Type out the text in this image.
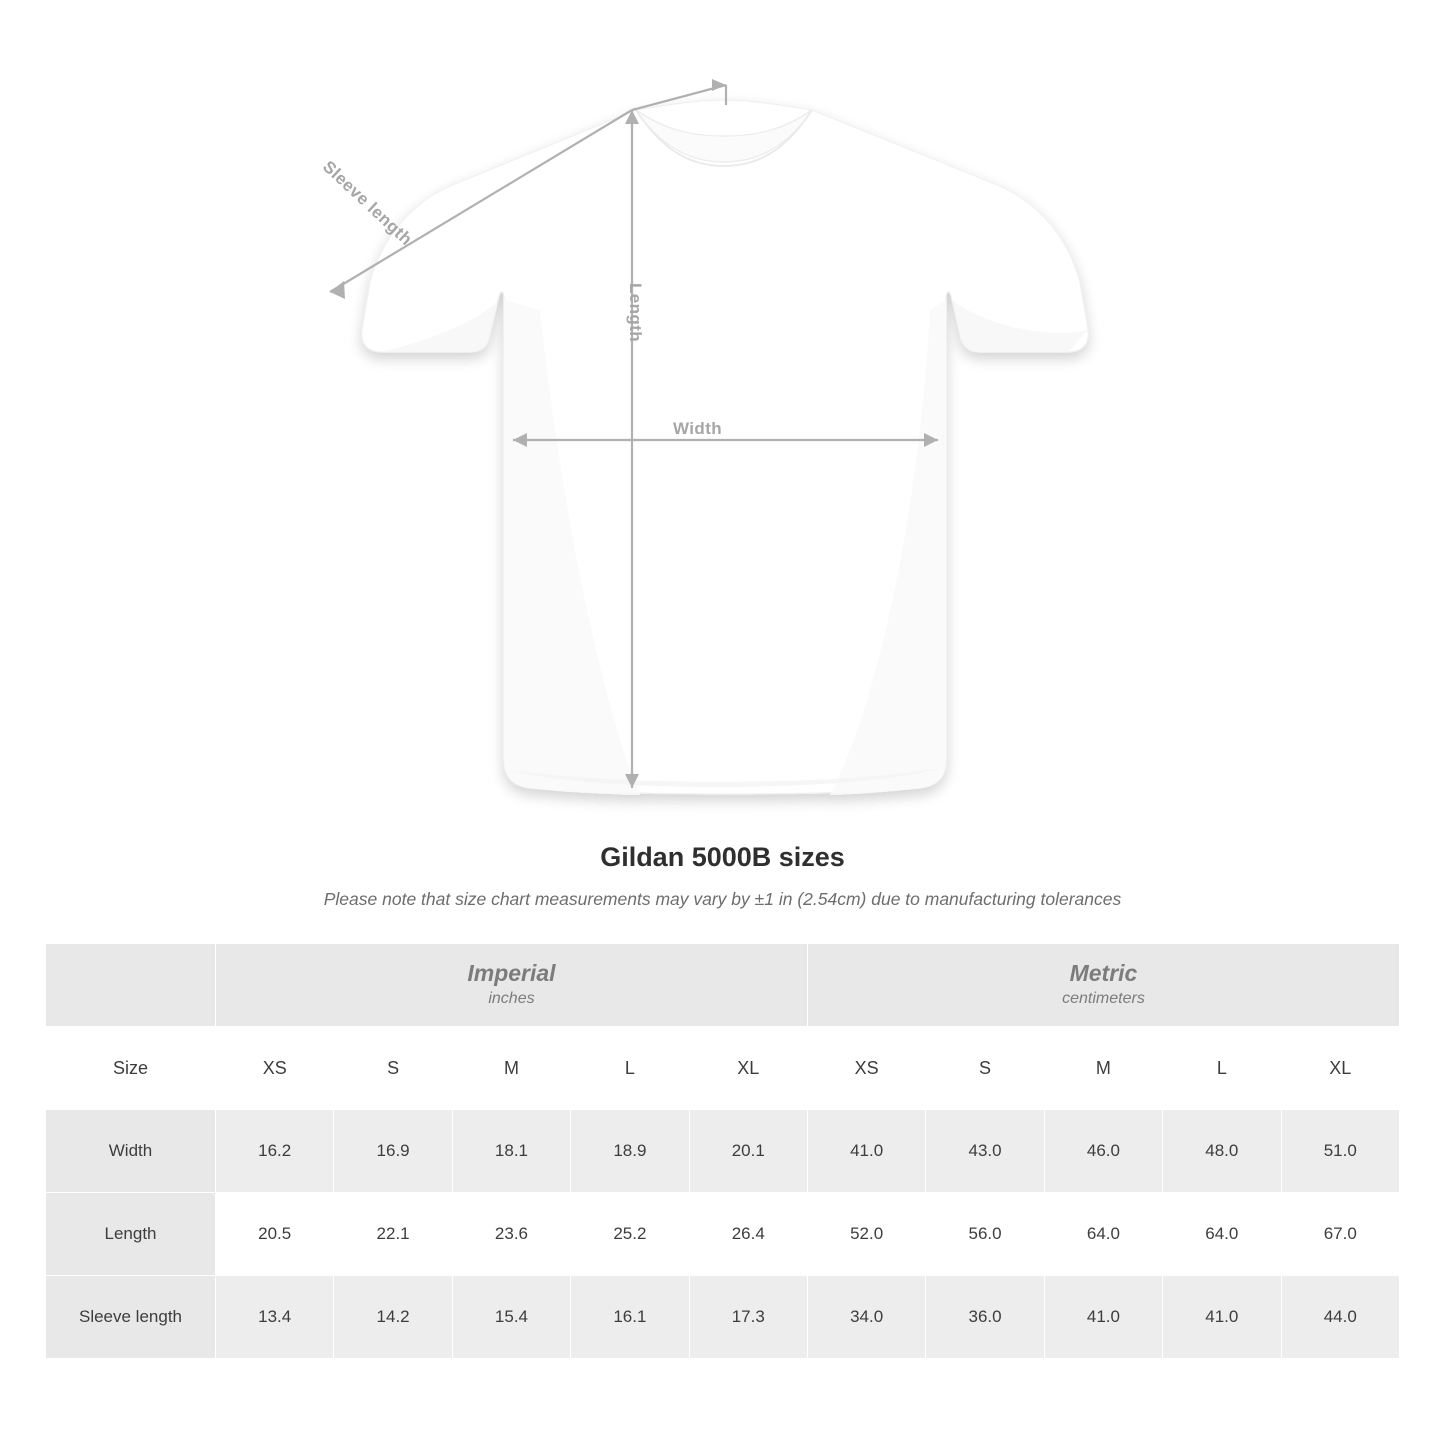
Sleeve length
Length
Width
Gildan 5000B sizes

Please note that size chart measurements may vary by ±1 in (2.54cm) due to manufacturing tolerances

Imperial
inches

Metric
centimeters

Size	XS	S	M	L	XL	XS	S	M	L	XL
Width	16.2	16.9	18.1	18.9	20.1	41.0	43.0	46.0	48.0	51.0
Length	20.5	22.1	23.6	25.2	26.4	52.0	56.0	64.0	64.0	67.0
Sleeve length	13.4	14.2	15.4	16.1	17.3	34.0	36.0	41.0	41.0	44.0
